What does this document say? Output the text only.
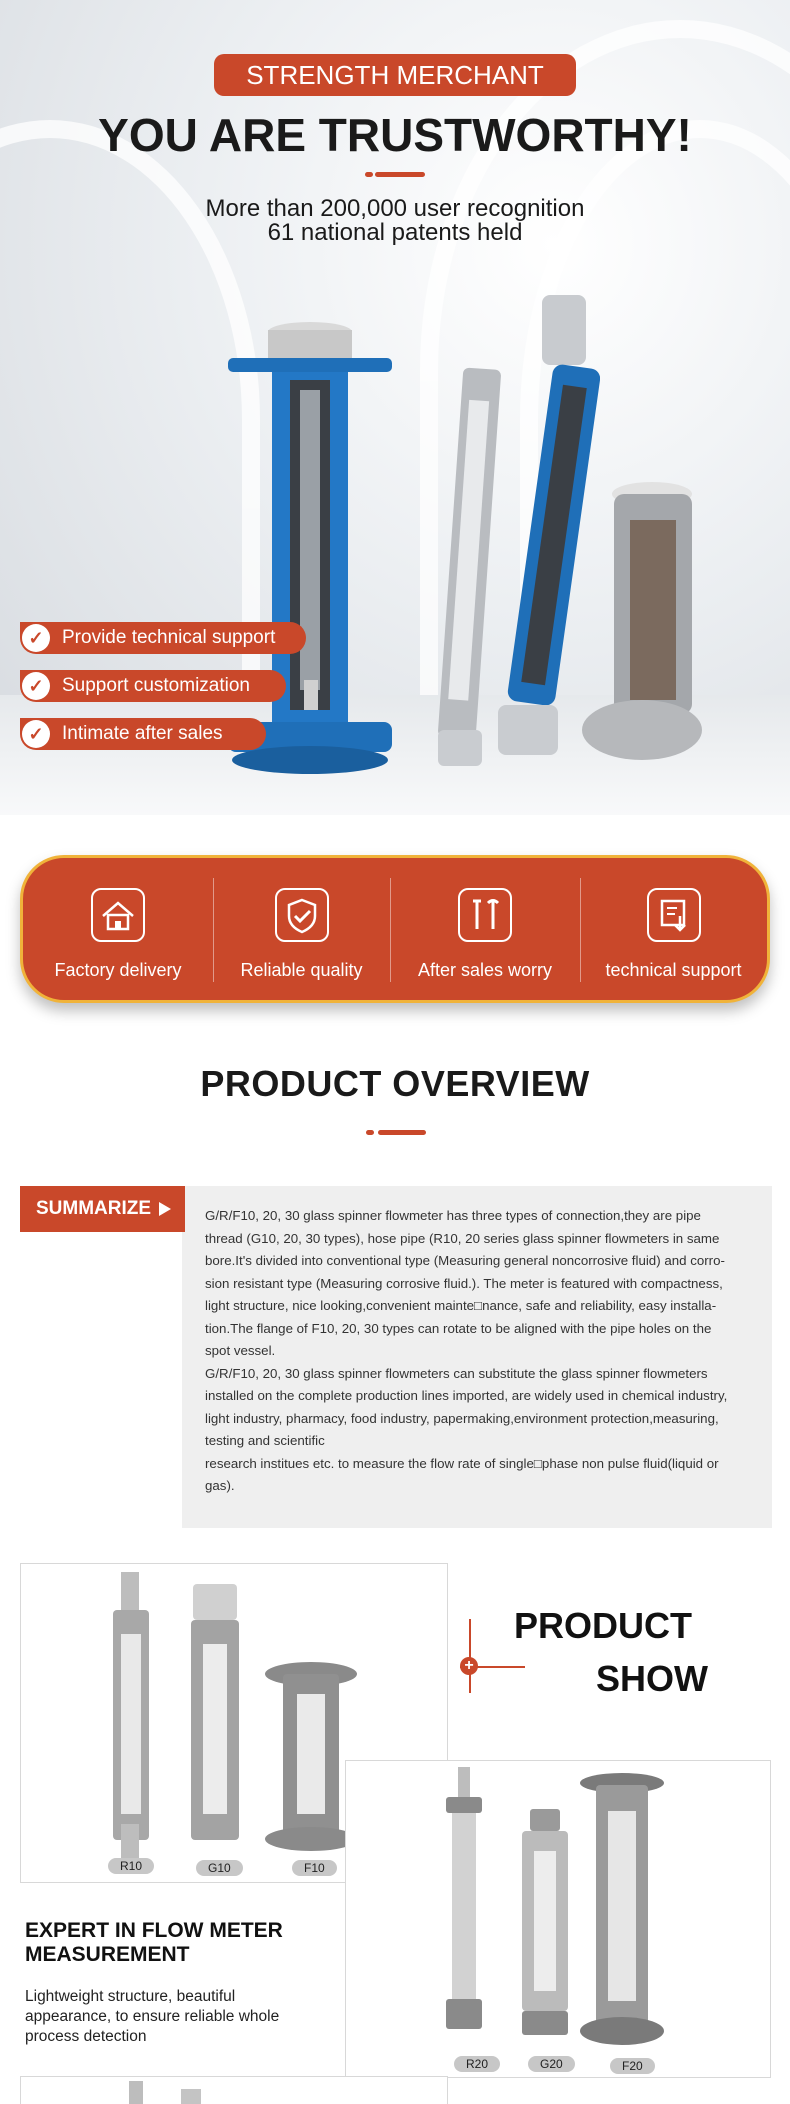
STRENGTH MERCHANT
YOU ARE TRUSTWORTHY!
More than 200,000 user recognition
61 national patents held
✓ Provide technical support
✓ Support customization
✓ Intimate after sales
Factory delivery	Reliable quality	After sales worry	technical support
PRODUCT OVERVIEW
SUMMARIZE	G/R/F10, 20, 30 glass spinner flowmeter has three types of connection,they are pipe

thread (G10, 20, 30 types), hose pipe (R10, 20 series glass spinner flowmeters in same

bore.It's divided into conventional type (Measuring general noncorrosive fluid) and corro-

sion resistant type (Measuring corrosive fluid.). The meter is featured with compactness,

light structure, nice looking,convenient mainte□nance, safe and reliability, easy installa-

tion.The flange of F10, 20, 30 types can rotate to be aligned with the pipe holes on the

spot vessel.

G/R/F10, 20, 30 glass spinner flowmeters can substitute the glass spinner flowmeters

installed on the complete production lines imported, are widely used in chemical industry,

light industry, pharmacy, food industry, papermaking,environment protection,measuring,

testing and scientific

research institues etc. to measure the flow rate of single□phase non pulse fluid(liquid or

gas).

R10	G10	F10
+
PRODUCT
SHOW
R20	G20	F20
EXPERT IN FLOW METER MEASUREMENT
Lightweight structure, beautiful appearance, to ensure reliable whole process detection
